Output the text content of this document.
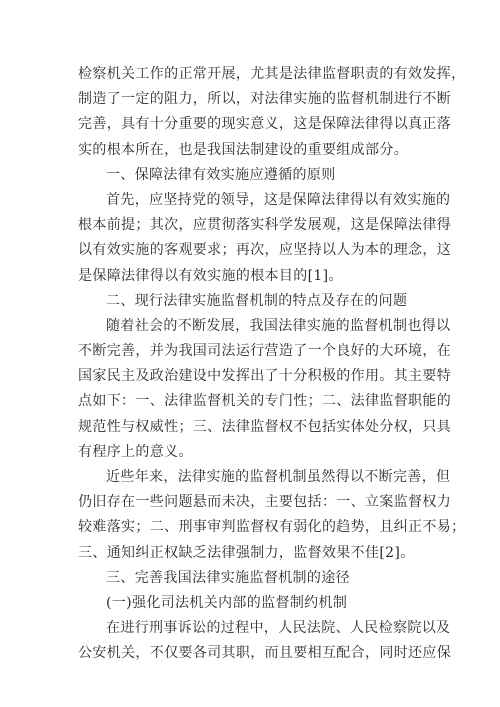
检察机关工作的正常开展，尤其是法律监督职责的有效发挥，
制造了一定的阻力，所以，对法律实施的监督机制进行不断
完善，具有十分重要的现实意义，这是保障法律得以真正落
实的根本所在，也是我国法制建设的重要组成部分。
一、保障法律有效实施应遵循的原则
首先，应坚持党的领导，这是保障法律得以有效实施的
根本前提；其次，应贯彻落实科学发展观，这是保障法律得
以有效实施的客观要求；再次，应坚持以人为本的理念，这
是保障法律得以有效实施的根本目的[1]。
二、现行法律实施监督机制的特点及存在的问题
随着社会的不断发展，我国法律实施的监督机制也得以
不断完善，并为我国司法运行营造了一个良好的大环境，在
国家民主及政治建设中发挥出了十分积极的作用。其主要特
点如下：一、法律监督机关的专门性；二、法律监督职能的
规范性与权威性；三、法律监督权不包括实体处分权，只具
有程序上的意义。
近些年来，法律实施的监督机制虽然得以不断完善，但
仍旧存在一些问题悬而未决，主要包括：一、立案监督权力
较难落实；二、刑事审判监督权有弱化的趋势，且纠正不易；
三、通知纠正权缺乏法律强制力，监督效果不佳[2]。
三、完善我国法律实施监督机制的途径
(一)强化司法机关内部的监督制约机制
在进行刑事诉讼的过程中，人民法院、人民检察院以及
公安机关，不仅要各司其职，而且要相互配合，同时还应保
